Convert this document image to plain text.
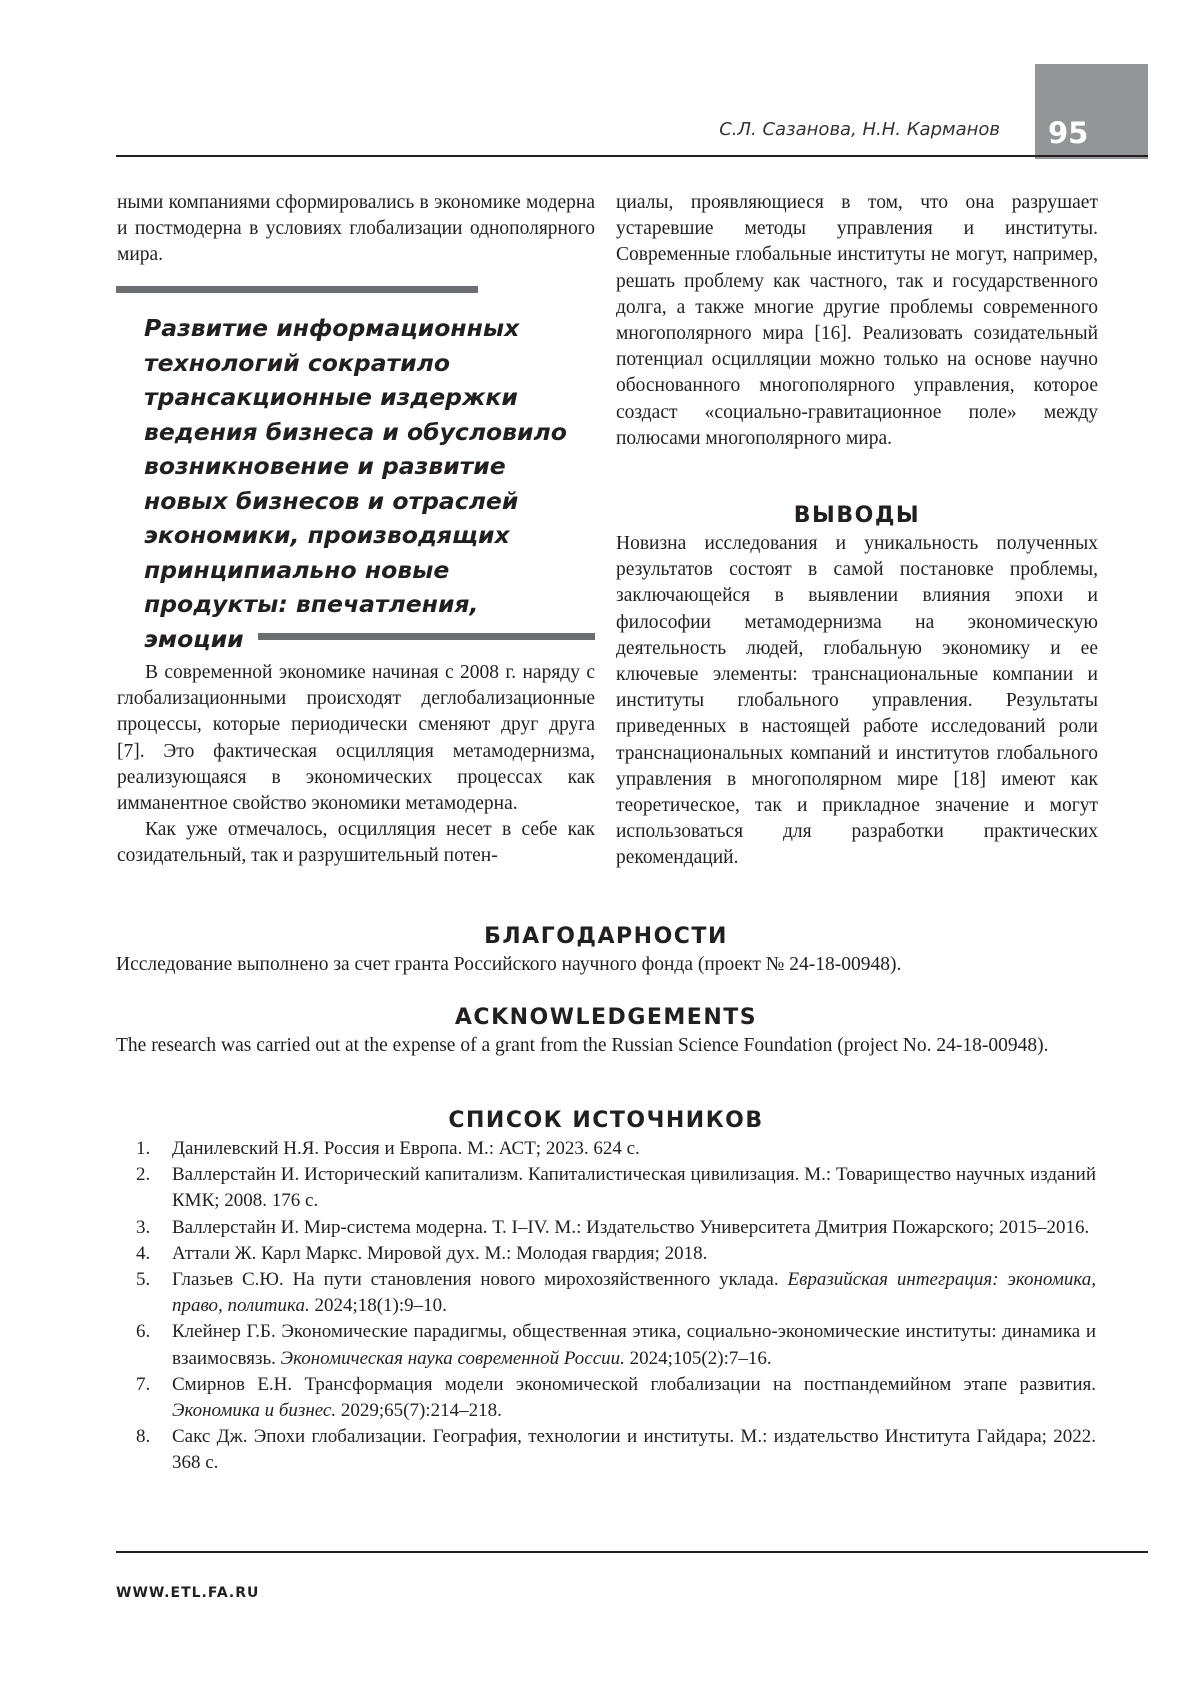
95
С.Л. Сазанова, Н.Н. Карманов

ными компаниями сформировались в экономике модерна и постмодерна в условиях глобализации однополярного мира.

Развитие информационных технологий сократило трансакционные издержки ведения бизнеса и обусловило возникновение и развитие новых бизнесов и отраслей экономики, производящих принципиально новые продукты: впечатления, эмоции

В современной экономике начиная с 2008 г. наряду с глобализационными происходят деглобализационные процессы, которые периодически сменяют друг друга [7]. Это фактическая осцилляция метамодернизма, реализующаяся в экономических процессах как имманентное свойство экономики метамодерна.

Как уже отмечалось, осцилляция несет в себе как созидательный, так и разрушительный потен-

циалы, проявляющиеся в том, что она разрушает устаревшие методы управления и институты. Современные глобальные институты не могут, например, решать проблему как частного, так и государственного долга, а также многие другие проблемы современного многополярного мира [16]. Реализовать созидательный потенциал осцилляции можно только на основе научно обоснованного многополярного управления, которое создаст «социально-гравитационное поле» между полюсами многополярного мира.

ВЫВОДЫ

Новизна исследования и уникальность полученных результатов состоят в самой постановке проблемы, заключающейся в выявлении влияния эпохи и философии метамодернизма на экономическую деятельность людей, глобальную экономику и ее ключевые элементы: транснациональные компании и институты глобального управления. Результаты приведенных в настоящей работе исследований роли транснациональных компаний и институтов глобального управления в многополярном мире [18] имеют как теоретическое, так и прикладное значение и могут использоваться для разработки практических рекомендаций.

БЛАГОДАРНОСТИ

Исследование выполнено за счет гранта Российского научного фонда (проект № 24-18-00948).

ACKNOWLEDGEMENTS

The research was carried out at the expense of a grant from the Russian Science Foundation (project No. 24-18-00948).

СПИСОК ИСТОЧНИКОВ
1. Данилевский Н.Я. Россия и Европа. М.: АСТ; 2023. 624 с.
2. Валлерстайн И. Исторический капитализм. Капиталистическая цивилизация. М.: Товарищество научных изданий КМК; 2008. 176 с.
3. Валлерстайн И. Мир-система модерна. Т. I–IV. М.: Издательство Университета Дмитрия Пожарского; 2015–2016.
4. Аттали Ж. Карл Маркс. Мировой дух. М.: Молодая гвардия; 2018.
5. Глазьев С.Ю. На пути становления нового мирохозяйственного уклада. Евразийская интеграция: экономика, право, политика. 2024;18(1):9–10.
6. Клейнер Г.Б. Экономические парадигмы, общественная этика, социально-экономические институты: динамика и взаимосвязь. Экономическая наука современной России. 2024;105(2):7–16.
7. Смирнов Е.Н. Трансформация модели экономической глобализации на постпандемийном этапе развития. Экономика и бизнес. 2029;65(7):214–218.
8. Сакс Дж. Эпохи глобализации. География, технологии и институты. М.: издательство Института Гайдара; 2022. 368 с.
WWW.ETL.FA.RU
